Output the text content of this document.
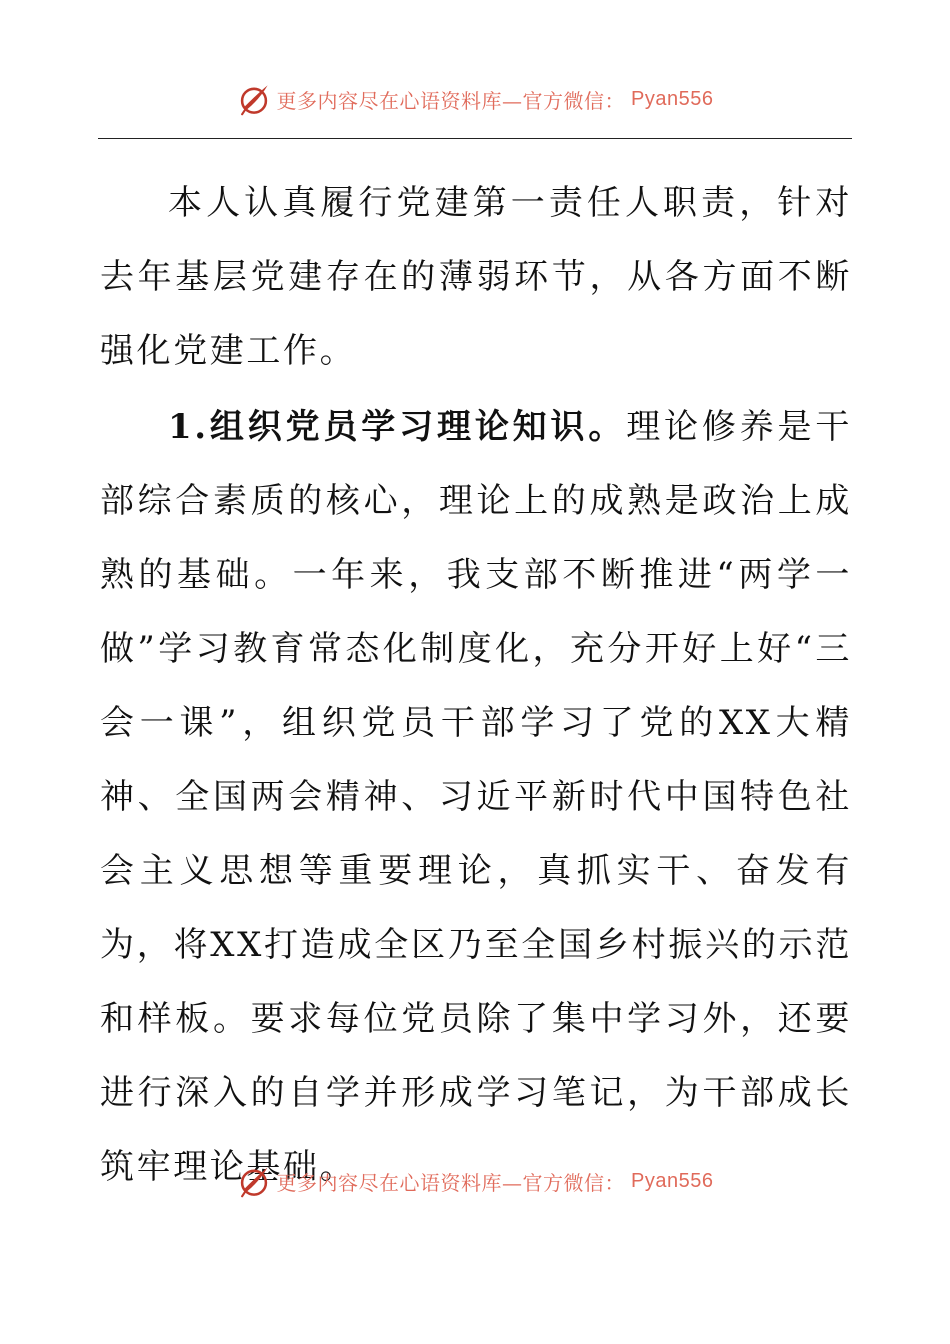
更多内容尽在心语资料库—官方微信： Pyan556

本人认真履行党建第一责任人职责，针对去年基层党建存在的薄弱环节，从各方面不断强化党建工作。

1.组织党员学习理论知识。理论修养是干部综合素质的核心，理论上的成熟是政治上成熟的基础。一年来，我支部不断推进“两学一做”学习教育常态化制度化，充分开好上好“三会一课”，组织党员干部学习了党的XX大精神、全国两会精神、习近平新时代中国特色社会主义思想等重要理论，真抓实干、奋发有为，将XX打造成全区乃至全国乡村振兴的示范和样板。要求每位党员除了集中学习外，还要进行深入的自学并形成学习笔记，为干部成长筑牢理论基础。

更多内容尽在心语资料库—官方微信： Pyan556
